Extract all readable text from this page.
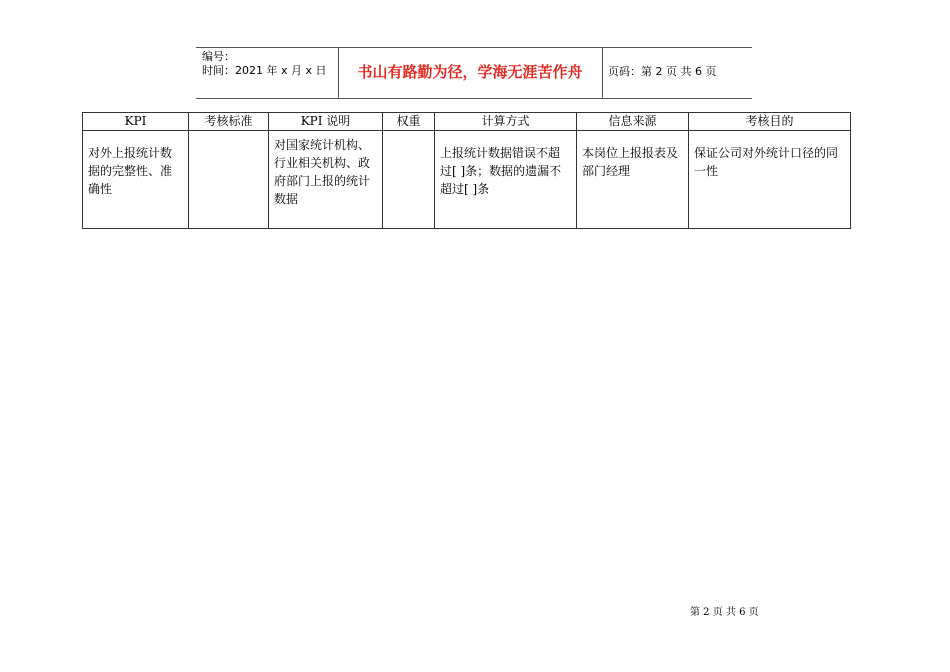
编号：
时间：2021 年 x 月 x 日	书山有路勤为径，学海无涯苦作舟	页码：第 2 页 共 6 页
KPI	考核标准	KPI 说明	权重	计算方式	信息来源	考核目的
对外上报统计数据的完整性、准确性		对国家统计机构、行业相关机构、政府部门上报的统计数据		上报统计数据错误不超过[ ]条；数据的遗漏不超过[ ]条	本岗位上报报表及部门经理	保证公司对外统计口径的同一性
第 2 页 共 6 页
